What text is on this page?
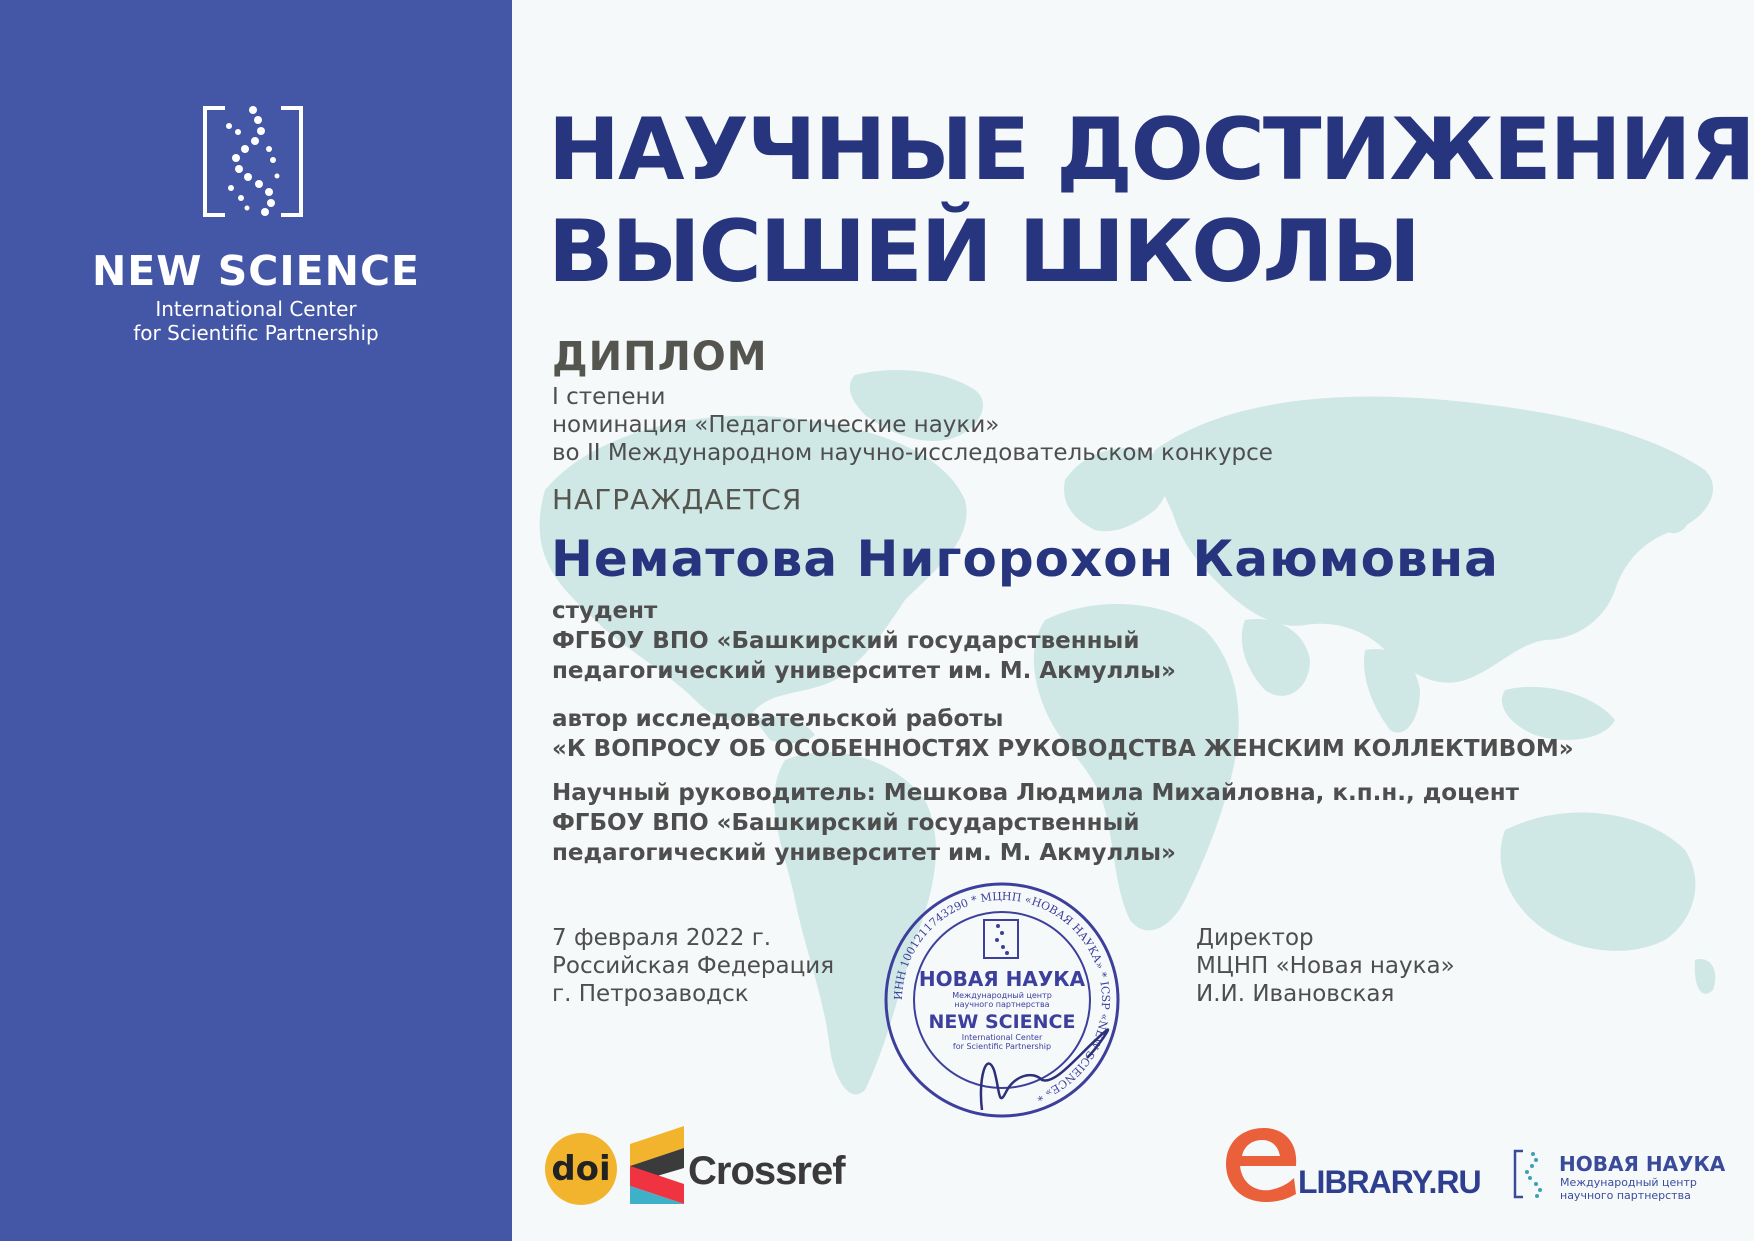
NEW SCIENCE
International Center
for Scientific Partnership
НАУЧНЫЕ ДОСТИЖЕНИЯ
ВЫСШЕЙ ШКОЛЫ
ДИПЛОМ
I степени
номинация «Педагогические науки»
во II Международном научно-исследовательском конкурсе
НАГРАЖДАЕТСЯ
Нематова Нигорохон Каюмовна
студент
ФГБОУ ВПО «Башкирский государственный
педагогический университет им. М. Акмуллы»
автор исследовательской работы
«К ВОПРОСУ ОБ ОСОБЕННОСТЯХ РУКОВОДСТВА ЖЕНСКИМ КОЛЛЕКТИВОМ»
Научный руководитель: Мешкова Людмила Михайловна, к.п.н., доцент
ФГБОУ ВПО «Башкирский государственный
педагогический университет им. М. Акмуллы»
7 февраля 2022 г.
Российская Федерация
г. Петрозаводск
Директор
МЦНП «Новая наука»
И.И. Ивановская
ИНН 1001211743290 * МЦНП «НОВАЯ НАУКА» * ICSP «NEW SCIENCE» *
НОВАЯ НАУКА
Международный центр
научного партнерства
NEW SCIENCE
International Center
for Scientific Partnership
doi Crossref	LIBRARY.RU	НОВАЯ НАУКА
Международный центр
научного партнерства
